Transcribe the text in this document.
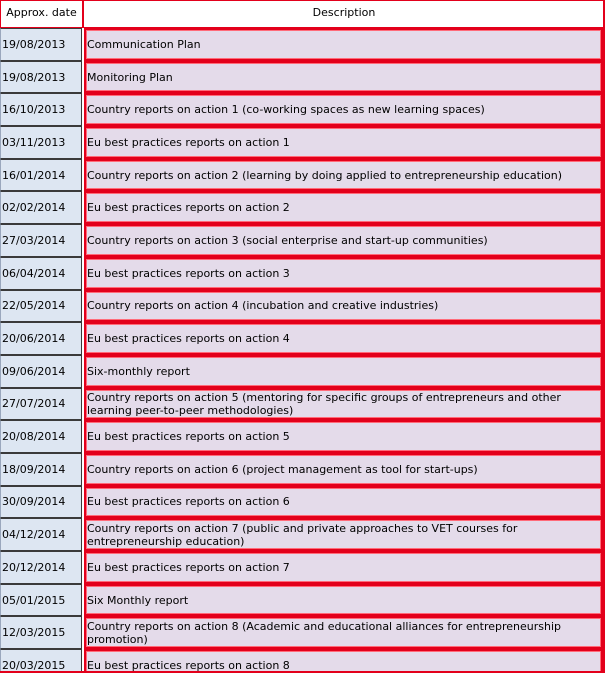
Approx. date	Description
19/08/2013	Communication Plan
19/08/2013	Monitoring Plan
16/10/2013	Country reports on action 1 (co-working spaces as new learning spaces)
03/11/2013	Eu best practices reports on action 1
16/01/2014	Country reports on action 2 (learning by doing applied to entrepreneurship education)
02/02/2014	Eu best practices reports on action 2
27/03/2014	Country reports on action 3 (social enterprise and start-up communities)
06/04/2014	Eu best practices reports on action 3
22/05/2014	Country reports on action 4 (incubation and creative industries)
20/06/2014	Eu best practices reports on action 4
09/06/2014	Six-monthly report
27/07/2014	Country reports on action 5 (mentoring for specific groups of entrepreneurs and other learning peer-to-peer methodologies)
20/08/2014	Eu best practices reports on action 5
18/09/2014	Country reports on action 6 (project management as tool for start-ups)
30/09/2014	Eu best practices reports on action 6
04/12/2014	Country reports on action 7 (public and private approaches to VET courses for entrepreneurship education)
20/12/2014	Eu best practices reports on action 7
05/01/2015	Six Monthly report
12/03/2015	Country reports on action 8 (Academic and educational alliances for entrepreneurship promotion)
20/03/2015	Eu best practices reports on action 8
